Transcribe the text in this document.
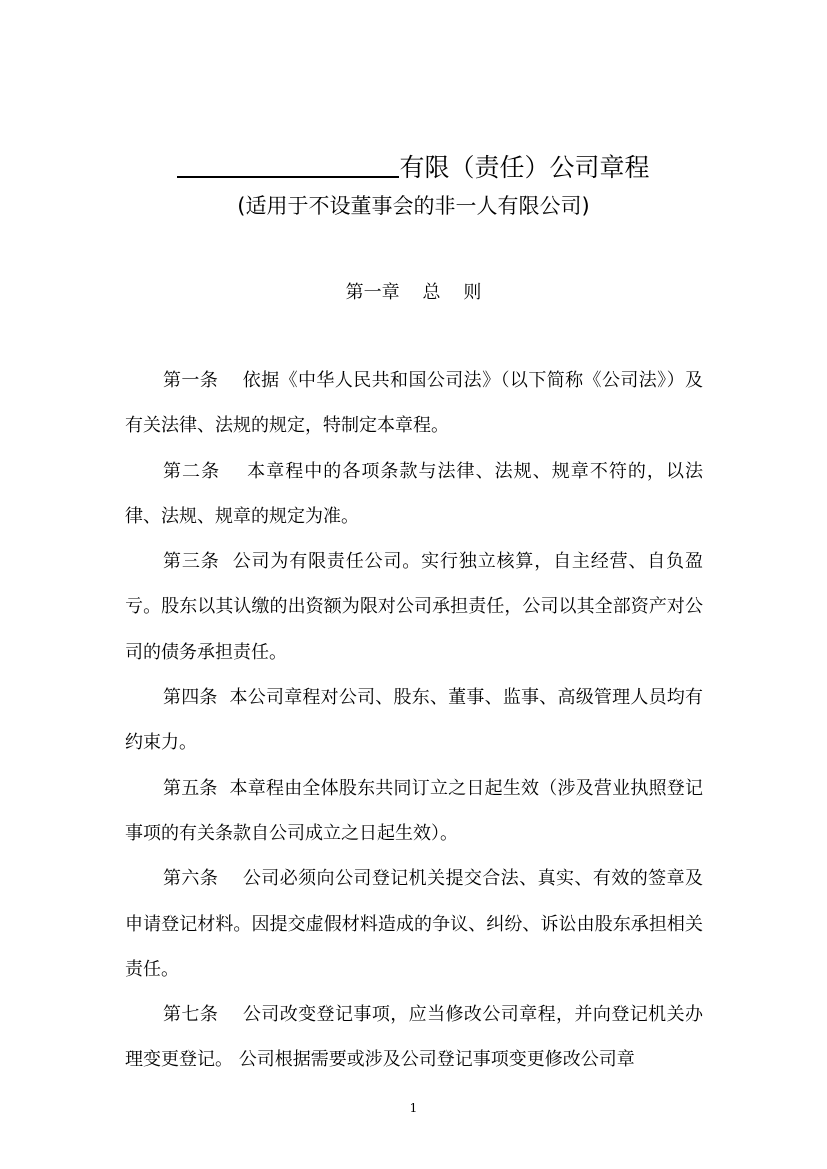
有限（责任）公司章程
(适用于不设董事会的非一人有限公司)
第一章    总    则

第一条    依据《中华人民共和国公司法》（以下简称《公司法》）及有关法律、法规的规定，特制定本章程。

第二条    本章程中的各项条款与法律、法规、规章不符的，以法律、法规、规章的规定为准。

第三条  公司为有限责任公司。实行独立核算，自主经营、自负盈亏。股东以其认缴的出资额为限对公司承担责任，公司以其全部资产对公司的债务承担责任。

第四条  本公司章程对公司、股东、董事、监事、高级管理人员均有约束力。

第五条  本章程由全体股东共同订立之日起生效（涉及营业执照登记事项的有关条款自公司成立之日起生效）。

第六条    公司必须向公司登记机关提交合法、真实、有效的签章及申请登记材料。因提交虚假材料造成的争议、纠纷、诉讼由股东承担相关责任。

第七条    公司改变登记事项，应当修改公司章程，并向登记机关办理变更登记。 公司根据需要或涉及公司登记事项变更修改公司章

1
